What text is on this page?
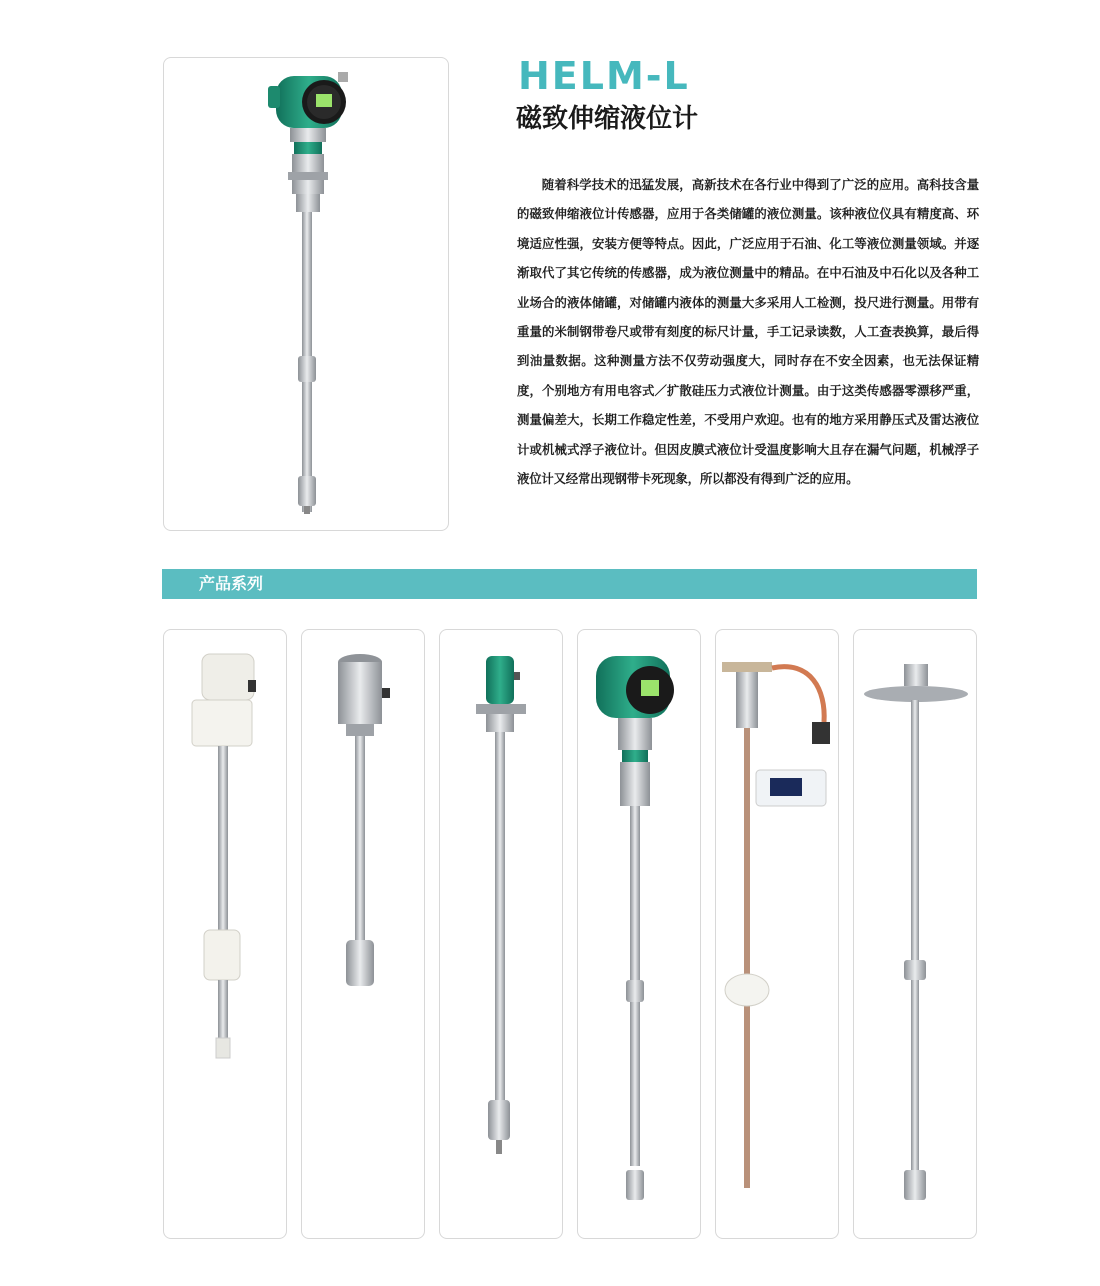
HELM-L
磁致伸缩液位计

随着科学技术的迅猛发展，高新技术在各行业中得到了广泛的应用。高科技含量的磁致伸缩液位计传感器，应用于各类储罐的液位测量。该种液位仪具有精度高、环境适应性强，安装方便等特点。因此，广泛应用于石油、化工等液位测量领域。并逐渐取代了其它传统的传感器，成为液位测量中的精品。在中石油及中石化以及各种工业场合的液体储罐，对储罐内液体的测量大多采用人工检测，投尺进行测量。用带有重量的米制钢带卷尺或带有刻度的标尺计量，手工记录读数，人工查表换算，最后得到油量数据。这种测量方法不仅劳动强度大，同时存在不安全因素，也无法保证精度，个别地方有用电容式／扩散硅压力式液位计测量。由于这类传感器零漂移严重，测量偏差大，长期工作稳定性差，不受用户欢迎。也有的地方采用静压式及雷达液位计或机械式浮子液位计。但因皮膜式液位计受温度影响大且存在漏气问题，机械浮子液位计又经常出现钢带卡死现象，所以都没有得到广泛的应用。

产品系列
